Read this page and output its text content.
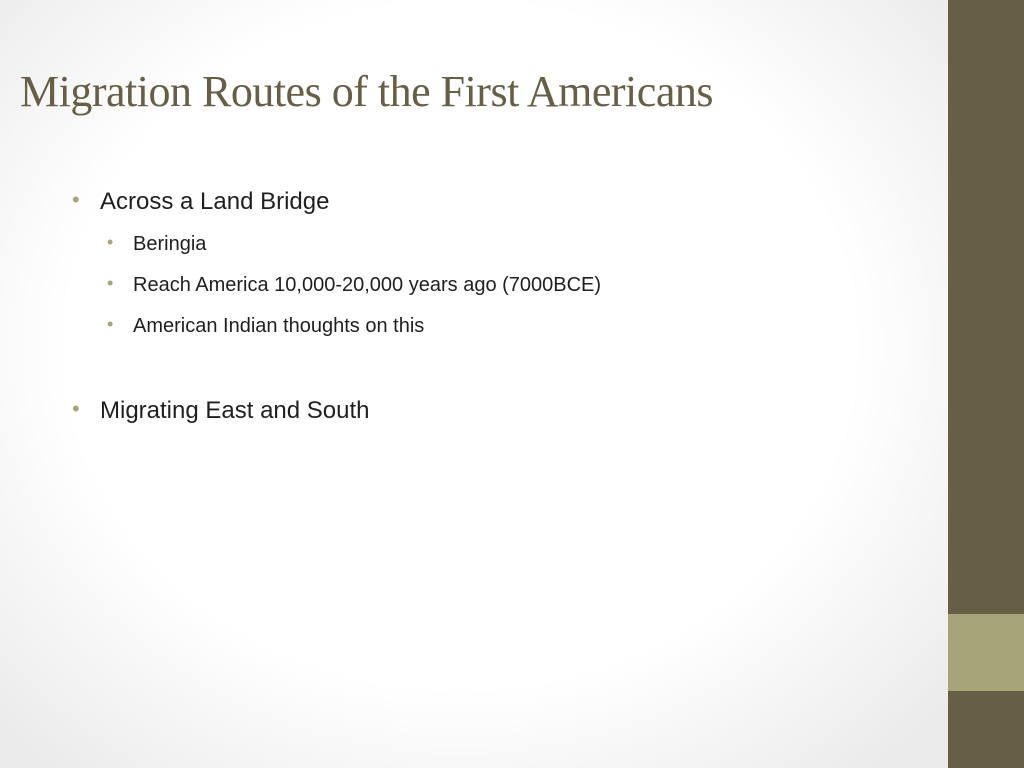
Migration Routes of the First Americans
• Across a Land Bridge
• Beringia
• Reach America 10,000-20,000 years ago (7000BCE)
• American Indian thoughts on this
• Migrating East and South
